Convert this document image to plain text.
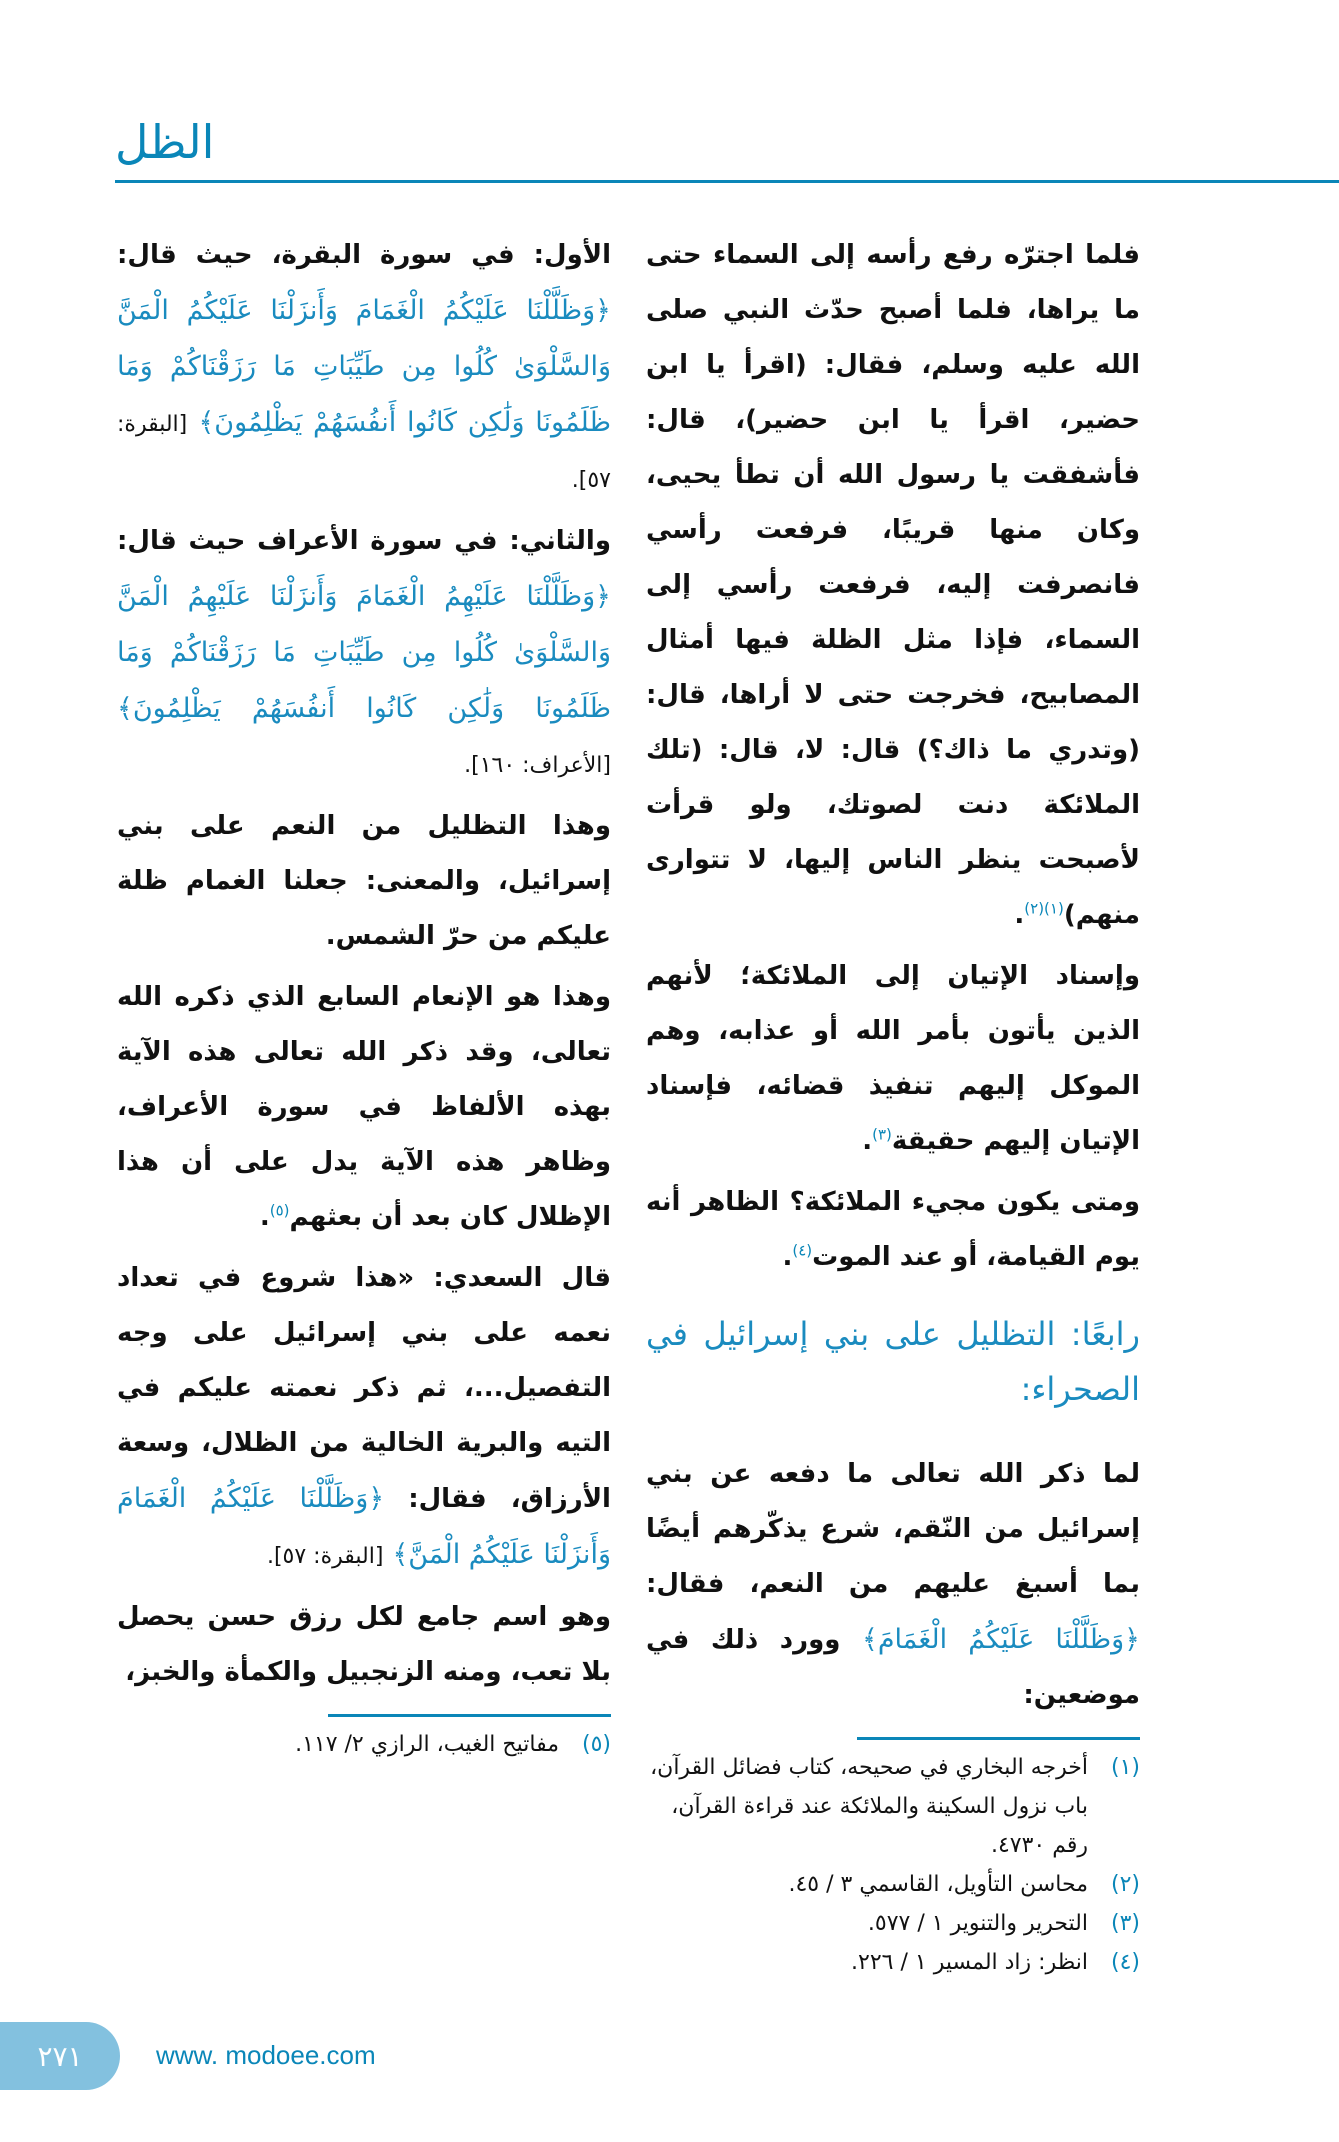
الظل

فلما اجترّه رفع رأسه إلى السماء حتى ما يراها، فلما أصبح حدّث النبي صلى الله عليه وسلم، فقال: (اقرأ يا ابن حضير، اقرأ يا ابن حضير)، قال: فأشفقت يا رسول الله أن تطأ يحيى، وكان منها قريبًا، فرفعت رأسي فانصرفت إليه، فرفعت رأسي إلى السماء، فإذا مثل الظلة فيها أمثال المصابيح، فخرجت حتى لا أراها، قال: (وتدري ما ذاك؟) قال: لا، قال: (تلك الملائكة دنت لصوتك، ولو قرأت لأصبحت ينظر الناس إليها، لا تتوارى منهم)$^{(١)(٢)}$.

وإسناد الإتيان إلى الملائكة؛ لأنهم الذين يأتون بأمر الله أو عذابه، وهم الموكل إليهم تنفيذ قضائه، فإسناد الإتيان إليهم حقيقة$^{(٣)}$.

ومتى يكون مجيء الملائكة؟ الظاهر أنه يوم القيامة، أو عند الموت$^{(٤)}$.

رابعًا: التظليل على بني إسرائيل في الصحراء:

لما ذكر الله تعالى ما دفعه عن بني إسرائيل من النّقم، شرع يذكّرهم أيضًا بما أسبغ عليهم من النعم، فقال: ﴿وَظَلَّلْنَا عَلَيْكُمُ الْغَمَامَ﴾ وورد ذلك في موضعين:

(١)
أخرجه البخاري في صحيحه، كتاب فضائل القرآن، باب نزول السكينة والملائكة عند قراءة القرآن، رقم ٤٧٣٠.
(٢)
محاسن التأويل، القاسمي ٣ / ٤٥.
(٣)
التحرير والتنوير ١ / ٥٧٧.
(٤)
انظر: زاد المسير ١ / ٢٢٦.

الأول: في سورة البقرة، حيث قال: ﴿وَظَلَّلْنَا عَلَيْكُمُ الْغَمَامَ وَأَنزَلْنَا عَلَيْكُمُ الْمَنَّ وَالسَّلْوَىٰ كُلُوا مِن طَيِّبَاتِ مَا رَزَقْنَاكُمْ وَمَا ظَلَمُونَا وَلَٰكِن كَانُوا أَنفُسَهُمْ يَظْلِمُونَ﴾ [البقرة: ٥٧].

والثاني: في سورة الأعراف حيث قال: ﴿وَظَلَّلْنَا عَلَيْهِمُ الْغَمَامَ وَأَنزَلْنَا عَلَيْهِمُ الْمَنَّ وَالسَّلْوَىٰ كُلُوا مِن طَيِّبَاتِ مَا رَزَقْنَاكُمْ وَمَا ظَلَمُونَا وَلَٰكِن كَانُوا أَنفُسَهُمْ يَظْلِمُونَ﴾ [الأعراف: ١٦٠].

وهذا التظليل من النعم على بني إسرائيل، والمعنى: جعلنا الغمام ظلة عليكم من حرّ الشمس.

وهذا هو الإنعام السابع الذي ذكره الله تعالى، وقد ذكر الله تعالى هذه الآية بهذه الألفاظ في سورة الأعراف، وظاهر هذه الآية يدل على أن هذا الإظلال كان بعد أن بعثهم$^{(٥)}$.

قال السعدي: «هذا شروع في تعداد نعمه على بني إسرائيل على وجه التفصيل...، ثم ذكر نعمته عليكم في التيه والبرية الخالية من الظلال، وسعة الأرزاق، فقال: ﴿وَظَلَّلْنَا عَلَيْكُمُ الْغَمَامَ وَأَنزَلْنَا عَلَيْكُمُ الْمَنَّ﴾ [البقرة: ٥٧].

وهو اسم جامع لكل رزق حسن يحصل بلا تعب، ومنه الزنجبيل والكمأة والخبز،

(٥)
مفاتيح الغيب، الرازي ٢/ ١١٧.
٢٧١	www. modoee.com
